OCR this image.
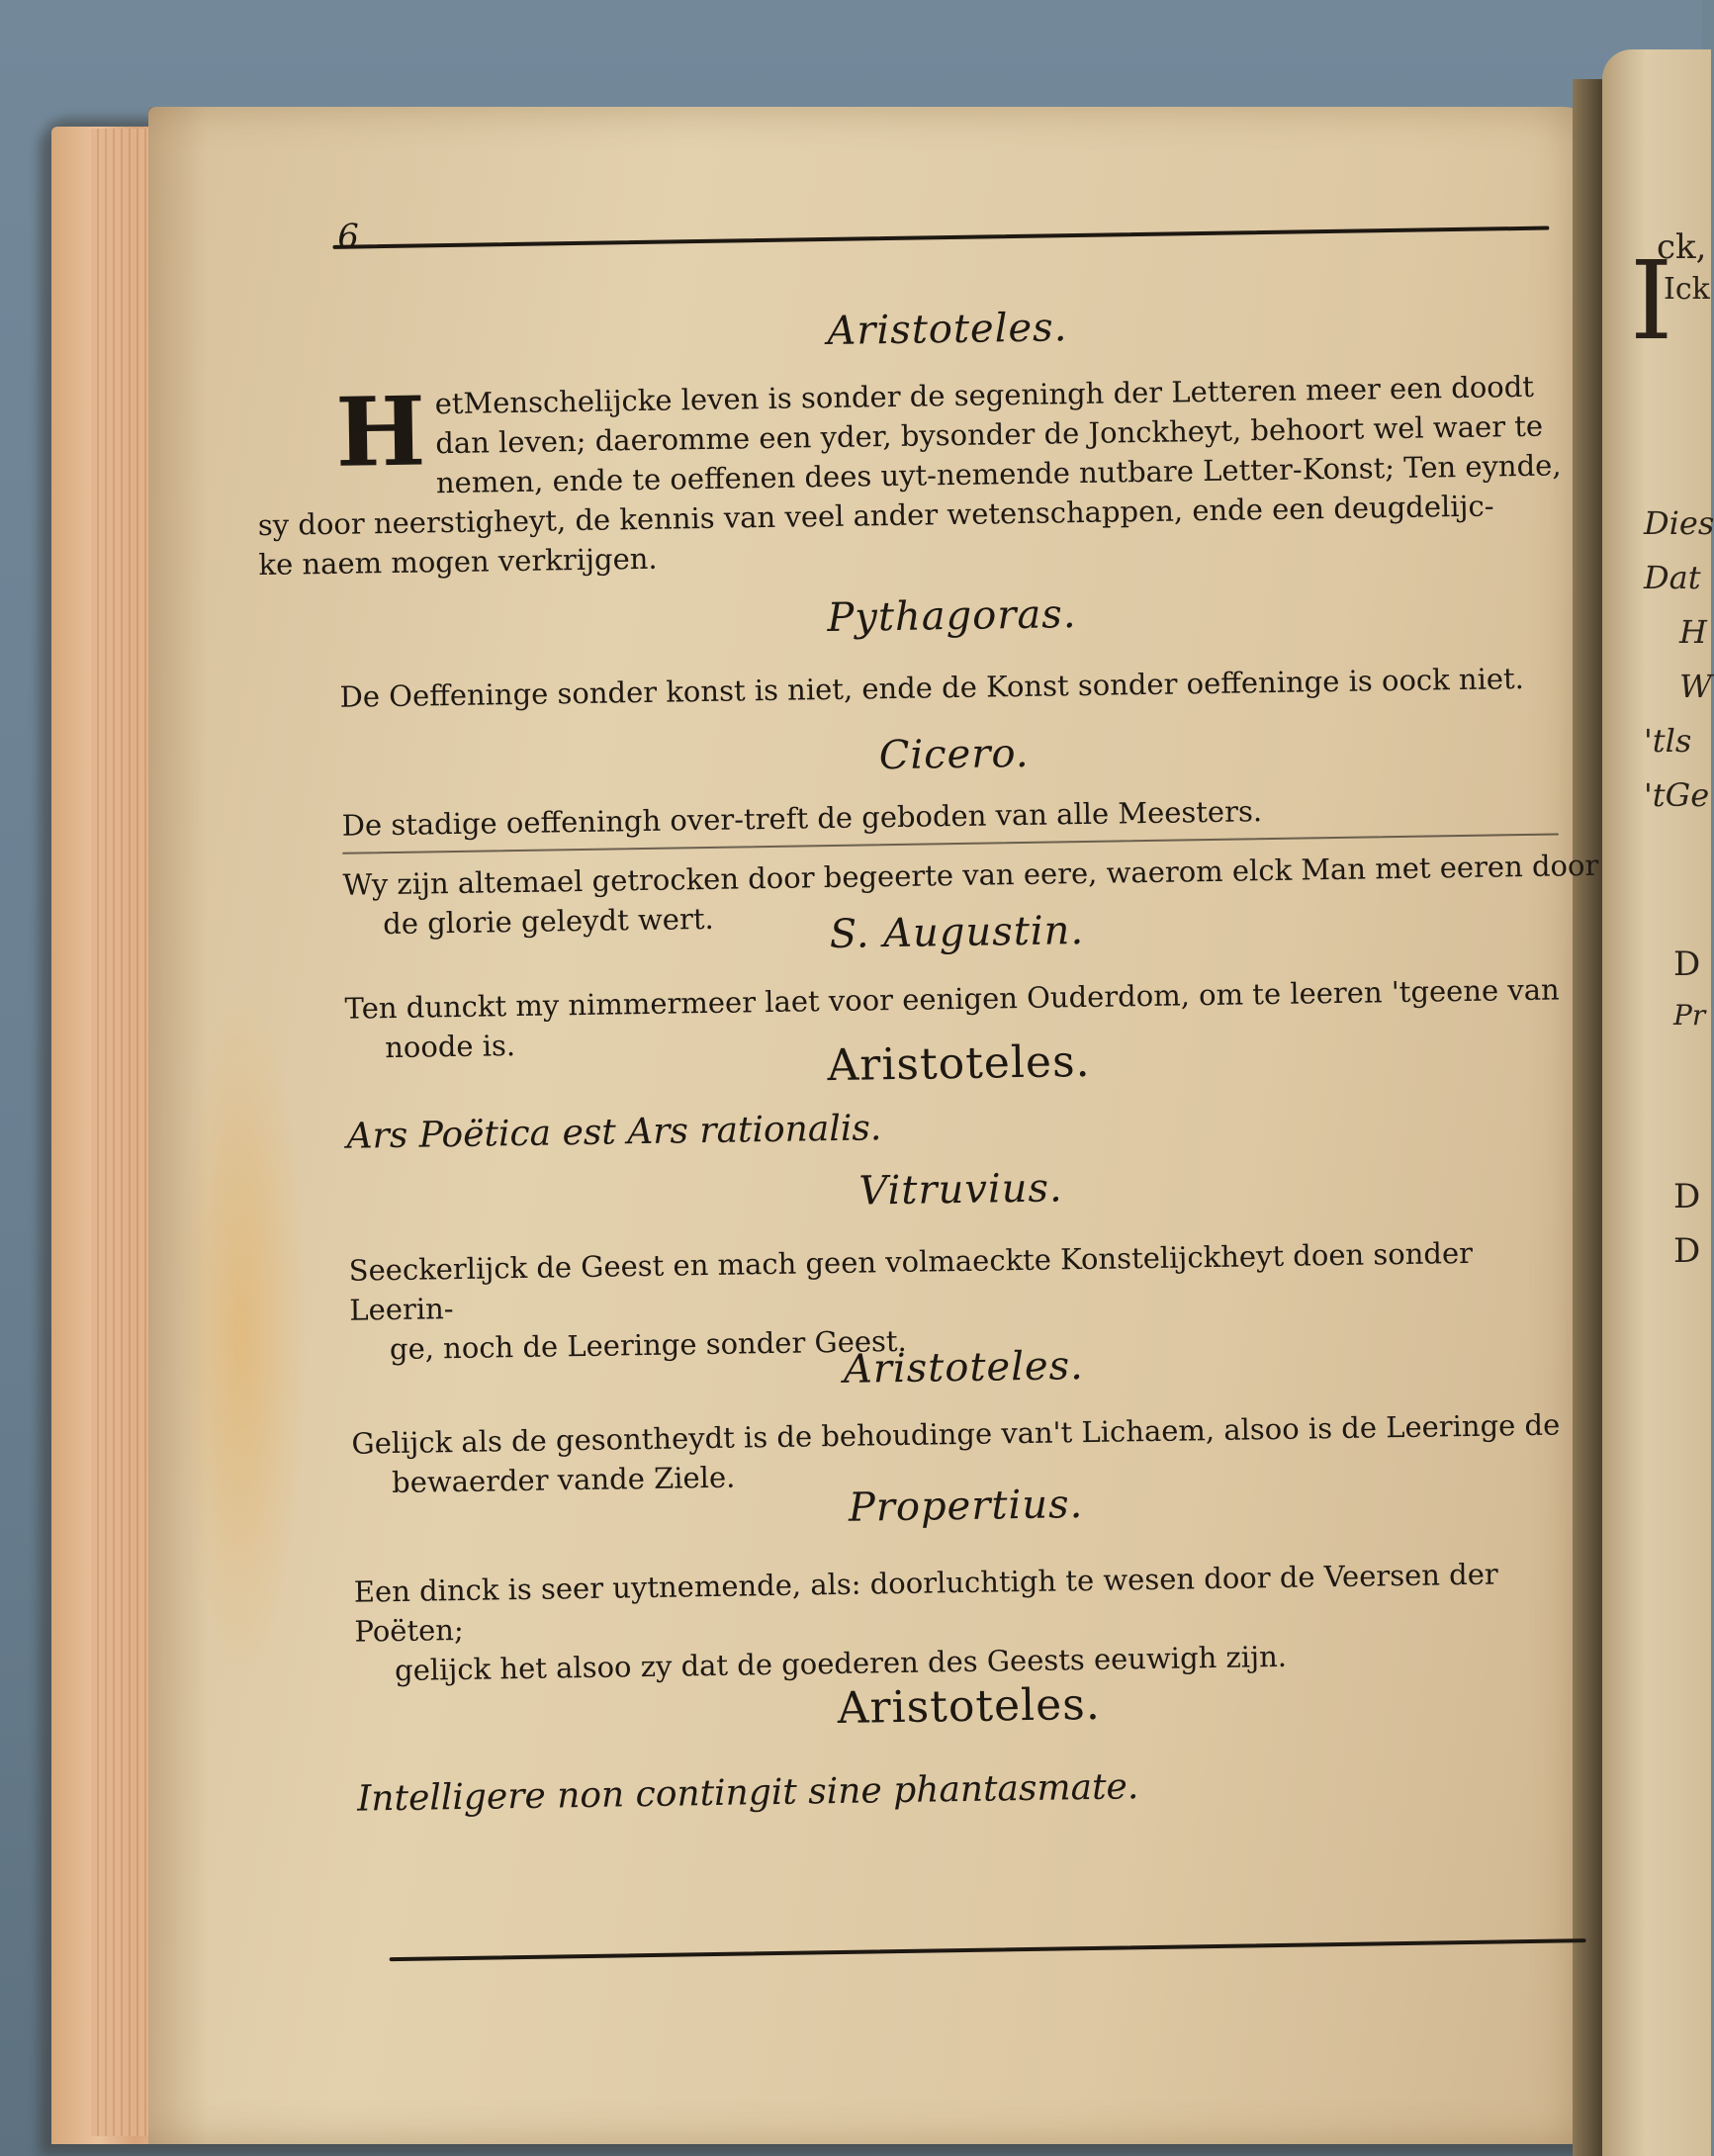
ck,
Ick
I
Dies
Dat
H
W
'tls
'tGe
D
Pr
D
D
6
Aristoteles.
H etMenschelijcke leven is sonder de segeningh der Letteren meer een doodt
dan leven; daeromme een yder, bysonder de Jonckheyt, behoort wel waer te
nemen, ende te oeffenen dees uyt-nemende nutbare Letter-Konst; Ten eynde,
sy door neerstigheyt, de kennis van veel ander wetenschappen, ende een deugdelijc-
ke naem mogen verkrijgen.
Pythagoras.
De Oeffeninge sonder konst is niet, ende de Konst sonder oeffeninge is oock niet.
Cicero.
De stadige oeffeningh over-treft de geboden van alle Meesters.
Wy zijn altemael getrocken door begeerte van eere, waerom elck Man met eeren door
de glorie geleydt wert.	S. Augustin.
Ten dunckt my nimmermeer laet voor eenigen Ouderdom, om te leeren 'tgeene van
noode is.	Aristoteles.
Ars Poëtica est Ars rationalis.
Vitruvius.
Seeckerlijck de Geest en mach geen volmaeckte Konstelijckheyt doen sonder Leerin-
ge, noch de Leeringe sonder Geest.
Aristoteles.
Gelijck als de gesontheydt is de behoudinge van't Lichaem, alsoo is de Leeringe de
bewaerder vande Ziele.
Propertius.
Een dinck is seer uytnemende, als: doorluchtigh te wesen door de Veersen der Poëten;
gelijck het alsoo zy dat de goederen des Geests eeuwigh zijn.
Aristoteles.
Intelligere non contingit sine phantasmate.
